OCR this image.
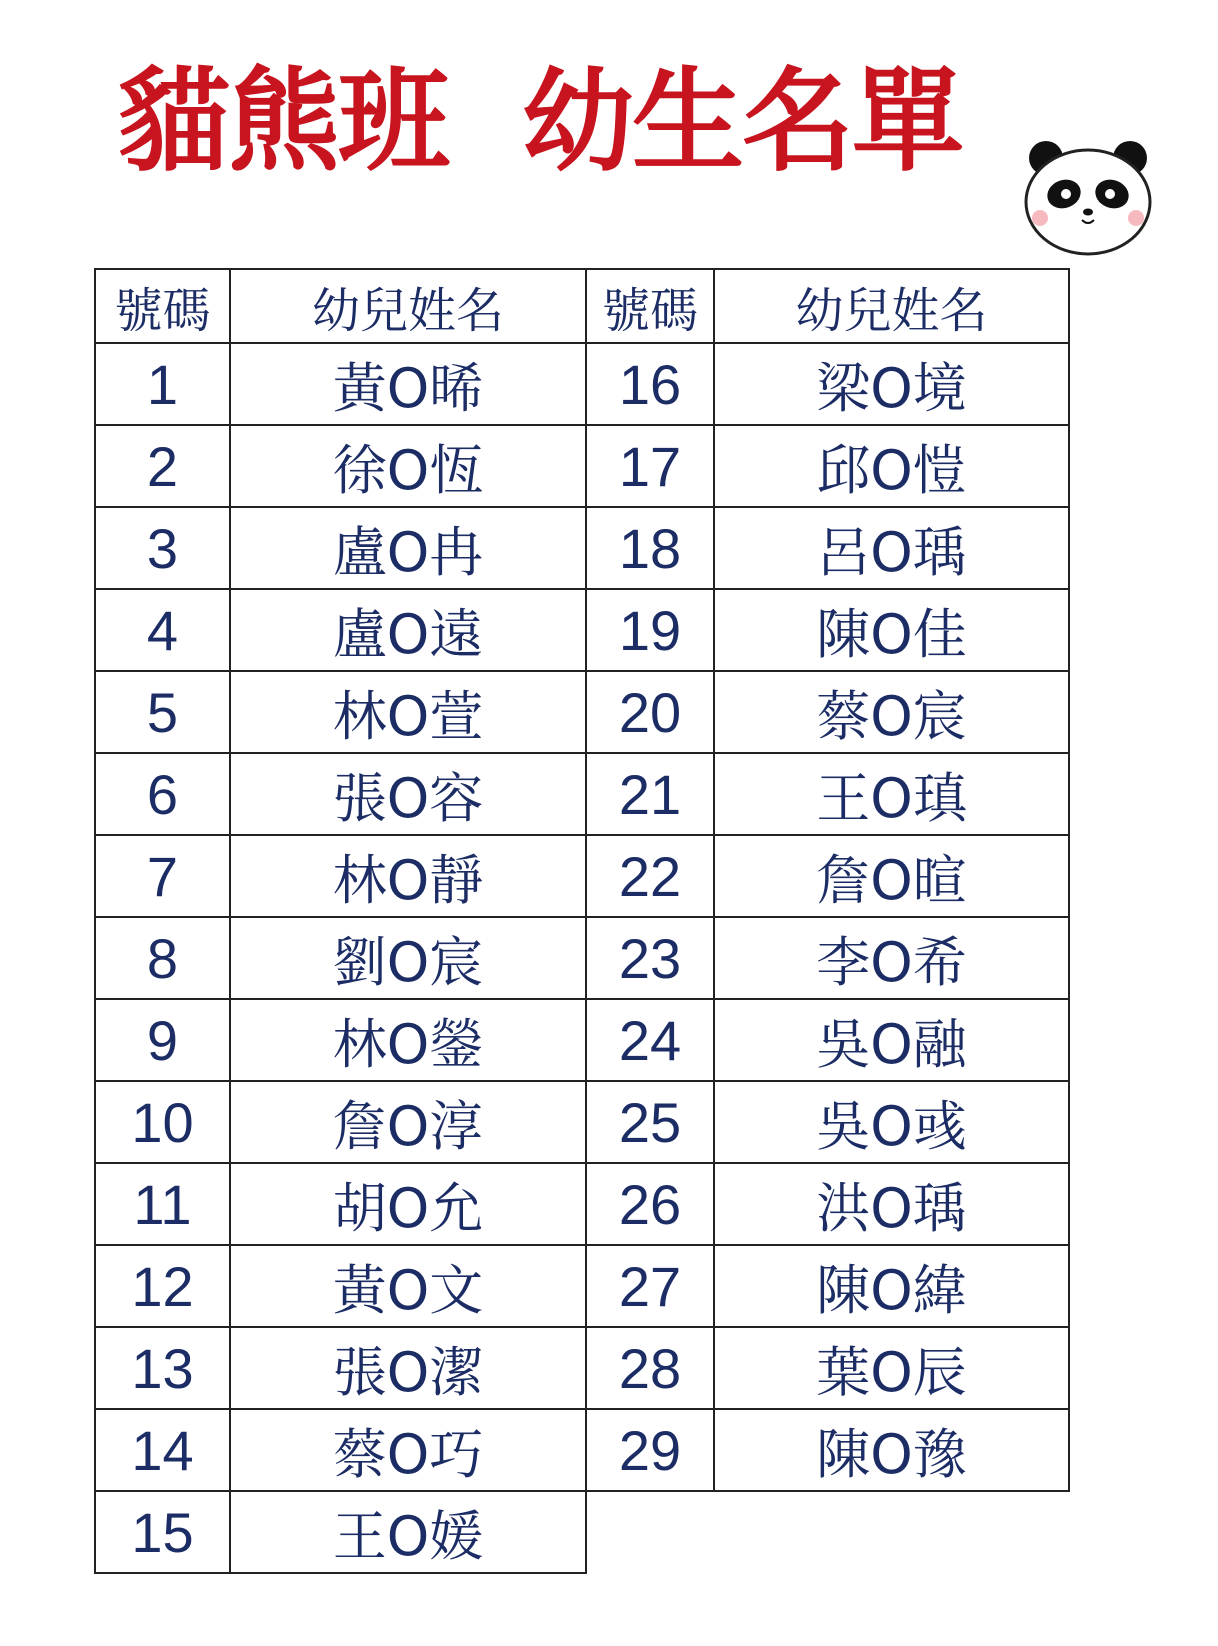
貓熊班  幼生名單
號碼	幼兒姓名	號碼	幼兒姓名
1	黃O晞	16	梁O境
2	徐O恆	17	邱O愷
3	盧O冉	18	呂O瑀
4	盧O遠	19	陳O佳
5	林O萱	20	蔡O宸
6	張O容	21	王O瑱
7	林O靜	22	詹O暄
8	劉O宸	23	李O希
9	林O鎣	24	吳O融
10	詹O淳	25	吳O彧
11	胡O允	26	洪O瑀
12	黃O文	27	陳O緯
13	張O潔	28	葉O辰
14	蔡O巧	29	陳O豫
15	王O媛		
